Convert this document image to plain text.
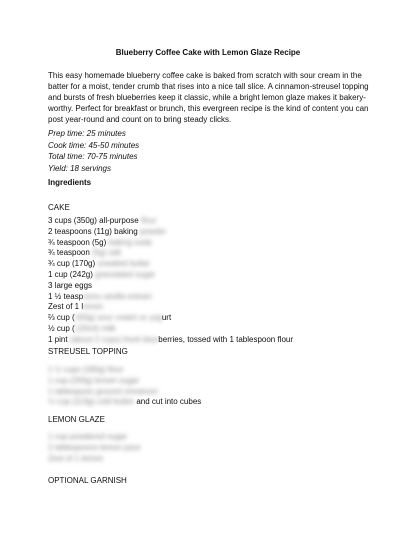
Blueberry Coffee Cake with Lemon Glaze Recipe
This easy homemade blueberry coffee cake is baked from scratch with sour cream in the batter for a moist, tender crumb that rises into a nice tall slice. A cinnamon-streusel topping and bursts of fresh blueberries keep it classic, while a bright lemon glaze makes it bakery-worthy. Perfect for breakfast or brunch, this evergreen recipe is the kind of content you can post year-round and count on to bring steady clicks.
Prep time: 25 minutes
Cook time: 45-50 minutes
Total time: 70-75 minutes
Yield: 18 servings
Ingredients
CAKE
3 cups (350g) all-purpose flour
2 teaspoons (11g) baking powder
¾ teaspoon (5g) baking soda
¾ teaspoon (5g) salt
¾ cup (170g) unsalted butter
1 cup (242g) granulated sugar
3 large eggs
1 ½ teaspoons vanilla extract
Zest of 1 lemon
⅔ cup (160g) sour cream or yogurt
½ cup (120ml) milk
1 pint (about 2 cups) fresh blueberries, tossed with 1 tablespoon flour
STREUSEL TOPPING
1 ½ cups (180g) flour
1 cup (200g) brown sugar
1 tablespoon ground cinnamon
½ cup (113g) cold butter and cut into cubes
LEMON GLAZE
1 cup powdered sugar
2 tablespoons lemon juice
Zest of 1 lemon
OPTIONAL GARNISH
